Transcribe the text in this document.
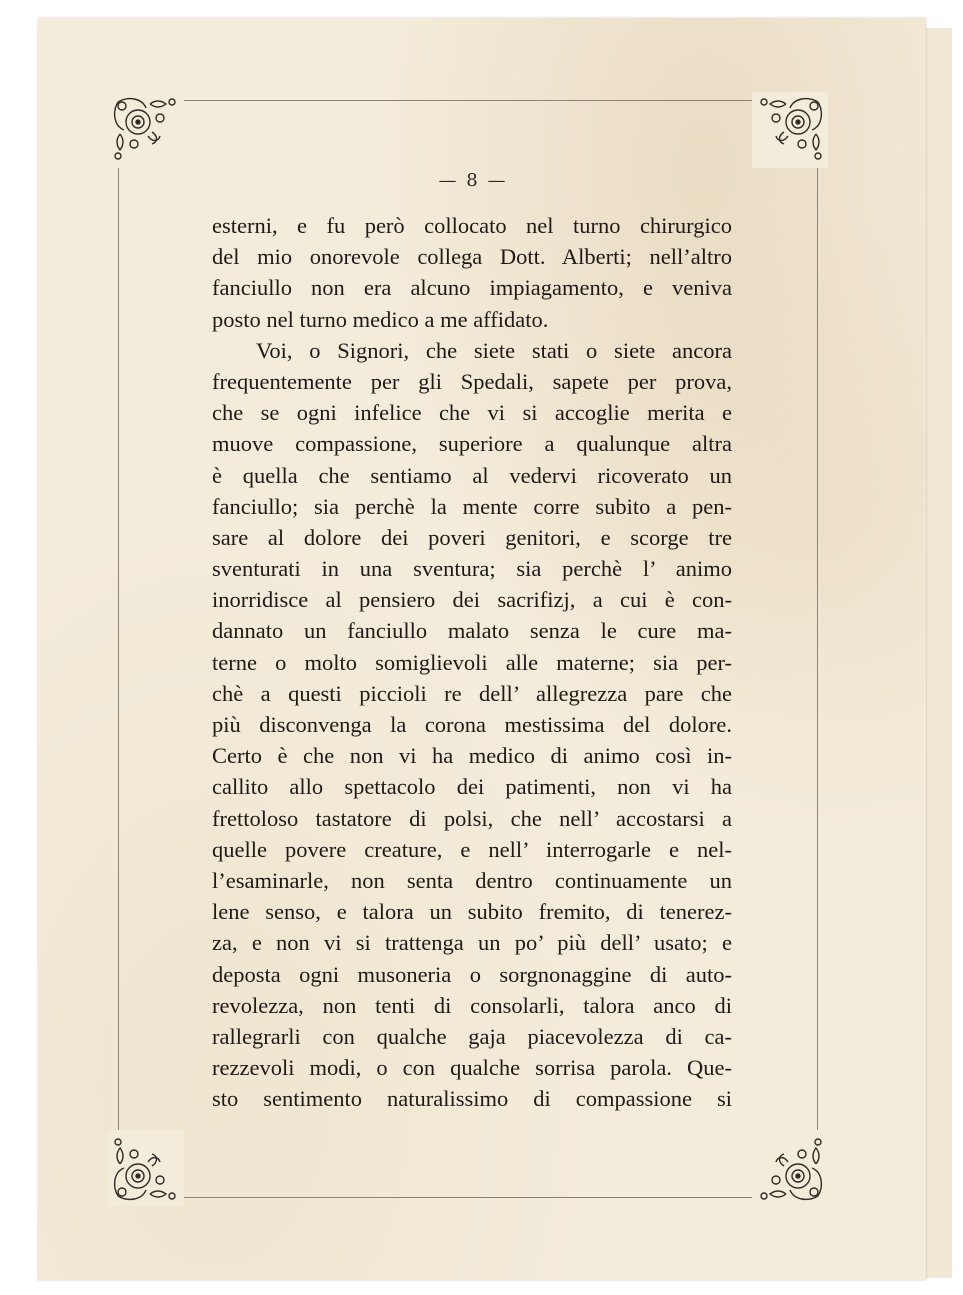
— 8 —
esterni, e fu però collocato nel turno chirurgico
del mio onorevole collega Dott. Alberti; nell’altro
fanciullo non era alcuno impiagamento, e veniva
posto nel turno medico a me affidato.
Voi, o Signori, che siete stati o siete ancora
frequentemente per gli Spedali, sapete per prova,
che se ogni infelice che vi si accoglie merita e
muove compassione, superiore a qualunque altra
è quella che sentiamo al vedervi ricoverato un
fanciullo; sia perchè la mente corre subito a pen-
sare al dolore dei poveri genitori, e scorge tre
sventurati in una sventura; sia perchè l’ animo
inorridisce al pensiero dei sacrifizj, a cui è con-
dannato un fanciullo malato senza le cure ma-
terne o molto somiglievoli alle materne; sia per-
chè a questi piccioli re dell’ allegrezza pare che
più disconvenga la corona mestissima del dolore.
Certo è che non vi ha medico di animo così in-
callito allo spettacolo dei patimenti, non vi ha
frettoloso tastatore di polsi, che nell’ accostarsi a
quelle povere creature, e nell’ interrogarle e nel-
l’esaminarle, non senta dentro continuamente un
lene senso, e talora un subito fremito, di tenerez-
za, e non vi si trattenga un po’ più dell’ usato; e
deposta ogni musoneria o sorgnonaggine di auto-
revolezza, non tenti di consolarli, talora anco di
rallegrarli con qualche gaja piacevolezza di ca-
rezzevoli modi, o con qualche sorrisa parola. Que-
sto sentimento naturalissimo di compassione si
